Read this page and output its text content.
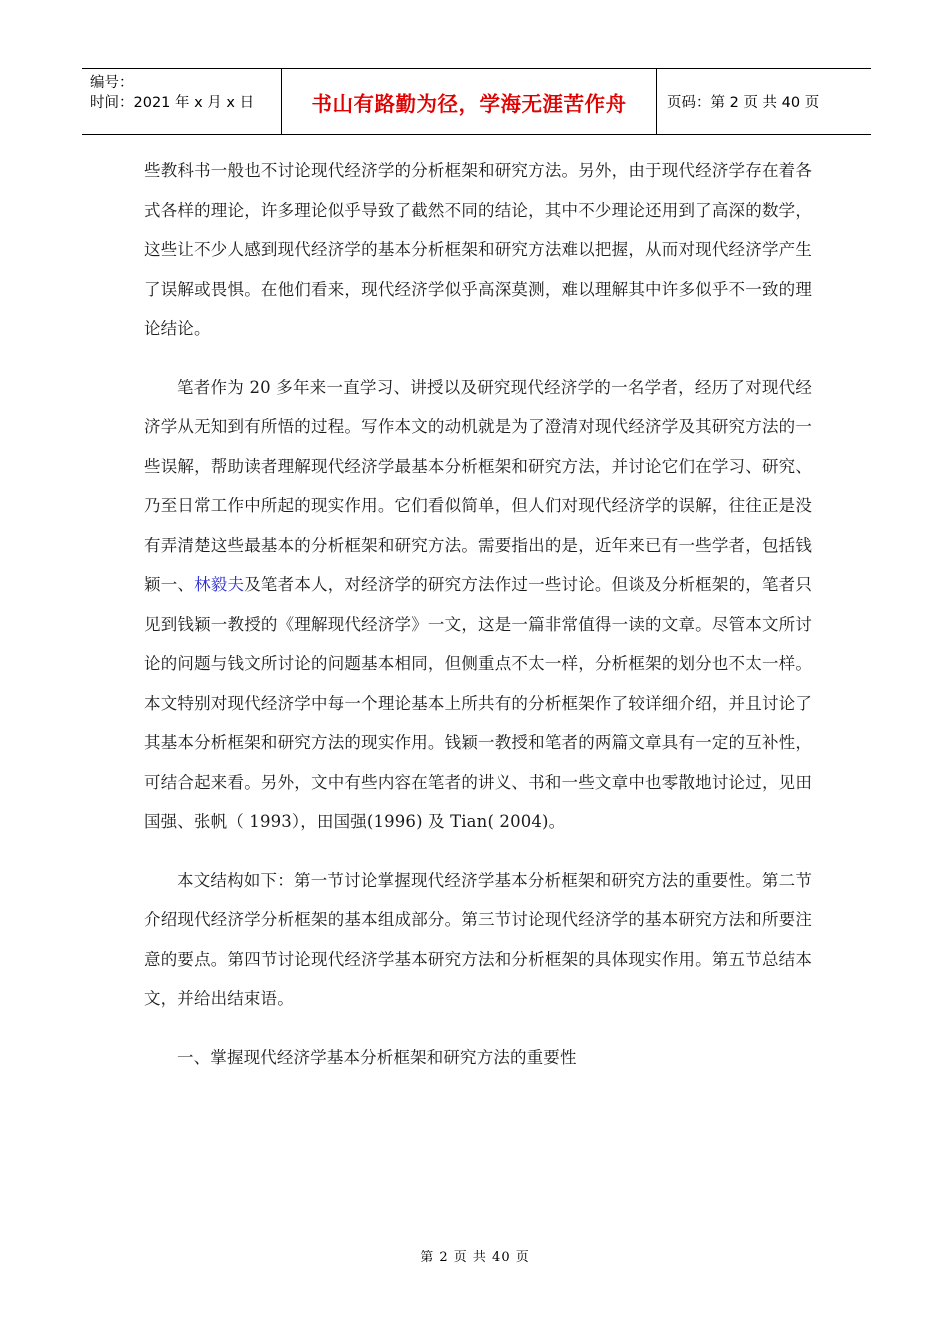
编号：
时间：2021 年 x 月 x 日	书山有路勤为径，学海无涯苦作舟	页码：第 2 页 共 40 页

些教科书一般也不讨论现代经济学的分析框架和研究方法。另外，由于现代经济学存在着各式各样的理论，许多理论似乎导致了截然不同的结论，其中不少理论还用到了高深的数学，这些让不少人感到现代经济学的基本分析框架和研究方法难以把握，从而对现代经济学产生了误解或畏惧。在他们看来，现代经济学似乎高深莫测，难以理解其中许多似乎不一致的理论结论。

笔者作为 20 多年来一直学习、讲授以及研究现代经济学的一名学者，经历了对现代经济学从无知到有所悟的过程。写作本文的动机就是为了澄清对现代经济学及其研究方法的一些误解，帮助读者理解现代经济学最基本分析框架和研究方法，并讨论它们在学习、研究、乃至日常工作中所起的现实作用。它们看似简单，但人们对现代经济学的误解，往往正是没有弄清楚这些最基本的分析框架和研究方法。需要指出的是，近年来已有一些学者，包括钱颖一、林毅夫及笔者本人，对经济学的研究方法作过一些讨论。但谈及分析框架的，笔者只见到钱颖一教授的《理解现代经济学》一文，这是一篇非常值得一读的文章。尽管本文所讨论的问题与钱文所讨论的问题基本相同，但侧重点不太一样，分析框架的划分也不太一样。本文特别对现代经济学中每一个理论基本上所共有的分析框架作了较详细介绍，并且讨论了其基本分析框架和研究方法的现实作用。钱颖一教授和笔者的两篇文章具有一定的互补性，可结合起来看。另外，文中有些内容在笔者的讲义、书和一些文章中也零散地讨论过，见田国强、张帆（ 1993），田国强(1996) 及 Tian( 2004)。

本文结构如下：第一节讨论掌握现代经济学基本分析框架和研究方法的重要性。第二节介绍现代经济学分析框架的基本组成部分。第三节讨论现代经济学的基本研究方法和所要注意的要点。第四节讨论现代经济学基本研究方法和分析框架的具体现实作用。第五节总结本文，并给出结束语。

一、掌握现代经济学基本分析框架和研究方法的重要性

第 2 页 共 40 页
